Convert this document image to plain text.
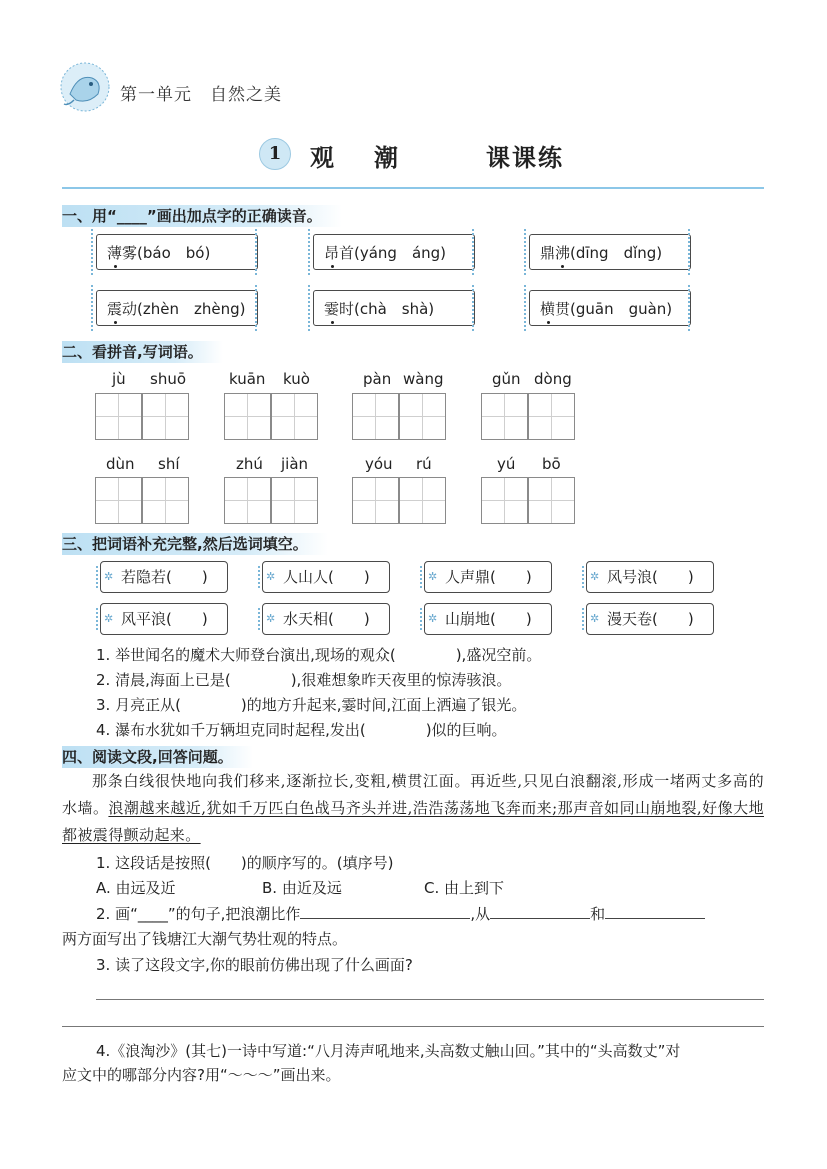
第一单元　自然之美
1	观潮 课课练
一、用“____”画出加点字的正确读音。
薄雾(báo　bó)	昂首(yáng　áng)	鼎沸(dīng　dǐng)
震动(zhèn　zhèng)	霎时(chà　shà)	横贯(guān　guàn)
二、看拼音,写词语。
jù shuō	kuān kuò	pàn wàng	gǔn dòng
dùn shí	zhú jiàn	yóu rú	yú bō
三、把词语补充完整,然后选词填空。
✲ 若隐若(　　)	✲ 人山人(　　)	✲ 人声鼎(　　)	✲ 风号浪(　　)
✲ 风平浪(　　)	✲ 水天相(　　)	✲ 山崩地(　　)	✲ 漫天卷(　　)
1. 举世闻名的魔术大师登台演出,现场的观众(　　　　),盛况空前。
2. 清晨,海面上已是(　　　　),很难想象昨天夜里的惊涛骇浪。
3. 月亮正从(　　　　)的地方升起来,霎时间,江面上洒遍了银光。
4. 瀑布水犹如千万辆坦克同时起程,发出(　　　　)似的巨响。
四、阅读文段,回答问题。
那条白线很快地向我们移来,逐渐拉长,变粗,横贯江面。再近些,只见白浪翻滚,形成一堵两丈多高的水墙。浪潮越来越近,犹如千万匹白色战马齐头并进,浩浩荡荡地飞奔而来;那声音如同山崩地裂,好像大地都被震得颤动起来。
1. 这段话是按照(　　)的顺序写的。(填序号)
A. 由远及近	B. 由近及远	C. 由上到下
2. 画“____”的句子,把浪潮比作	,从	和
两方面写出了钱塘江大潮气势壮观的特点。
3. 读了这段文字,你的眼前仿佛出现了什么画面?
4.《浪淘沙》(其七)一诗中写道:“八月涛声吼地来,头高数丈触山回。”其中的“头高数丈”对
应文中的哪部分内容?用“～～～”画出来。
